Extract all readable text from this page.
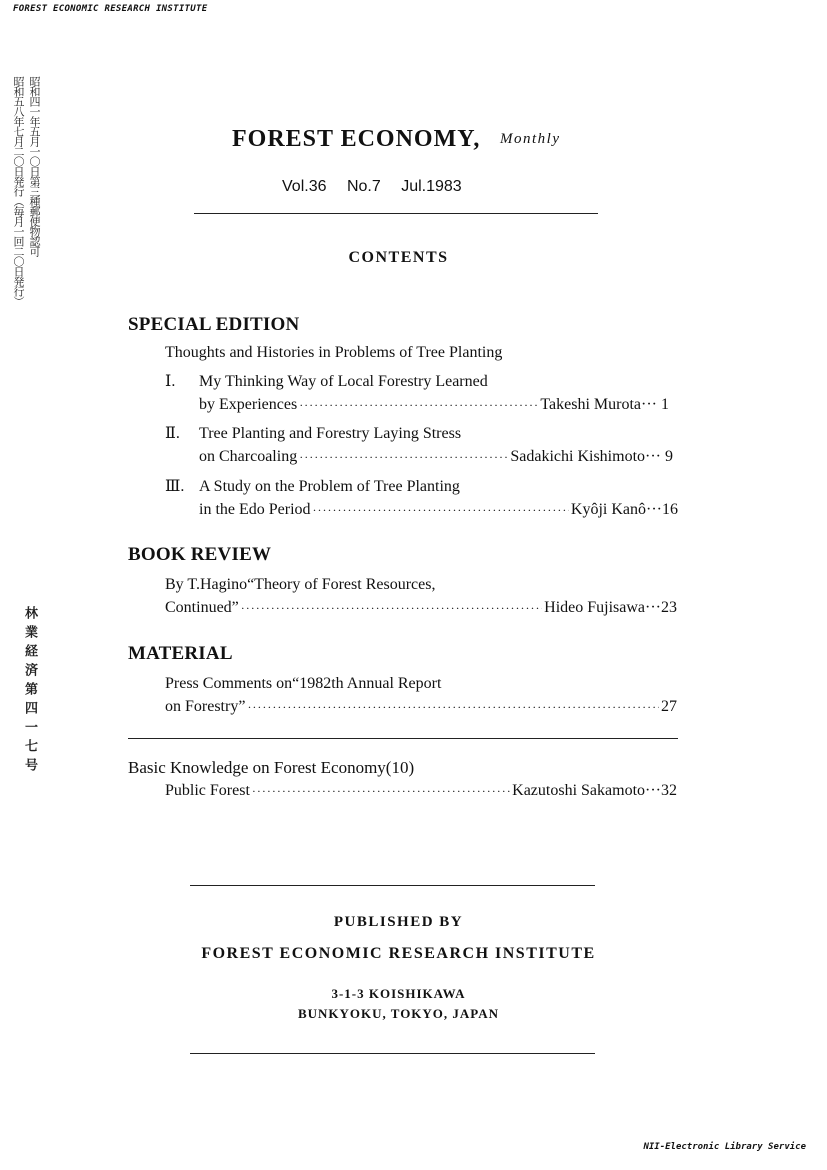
FOREST ECONOMIC RESEARCH INSTITUTE
NII-Electronic Library Service
昭和五八年七月二〇日発行（毎月一回二〇日発行） 昭和四一年五月一〇日第三種郵便物認可
林業経済第四一七号
FOREST ECONOMY, Monthly
Vol.36 No.7 Jul.1983
CONTENTS
SPECIAL EDITION
Thoughts and Histories in Problems of Tree Planting
Ⅰ. My Thinking Way of Local Forestry Learned
by Experiences ·····	Takeshi Murota ··· 1
Ⅱ. Tree Planting and Forestry Laying Stress
on Charcoaling ·····	Sadakichi Kishimoto ··· 9
Ⅲ. A Study on the Problem of Tree Planting
in the Edo Period ·····	Kyôji Kanô ···16
BOOK REVIEW
By T.Hagino“Theory of Forest Resources,
Continued” ·····	Hideo Fujisawa ···23
MATERIAL
Press Comments on“1982th Annual Report
on Forestry” ·····	27
Basic Knowledge on Forest Economy(10)
Public Forest ·····	Kazutoshi Sakamoto ···32
PUBLISHED BY
FOREST ECONOMIC RESEARCH INSTITUTE
3-1-3 KOISHIKAWA
BUNKYOKU, TOKYO, JAPAN
